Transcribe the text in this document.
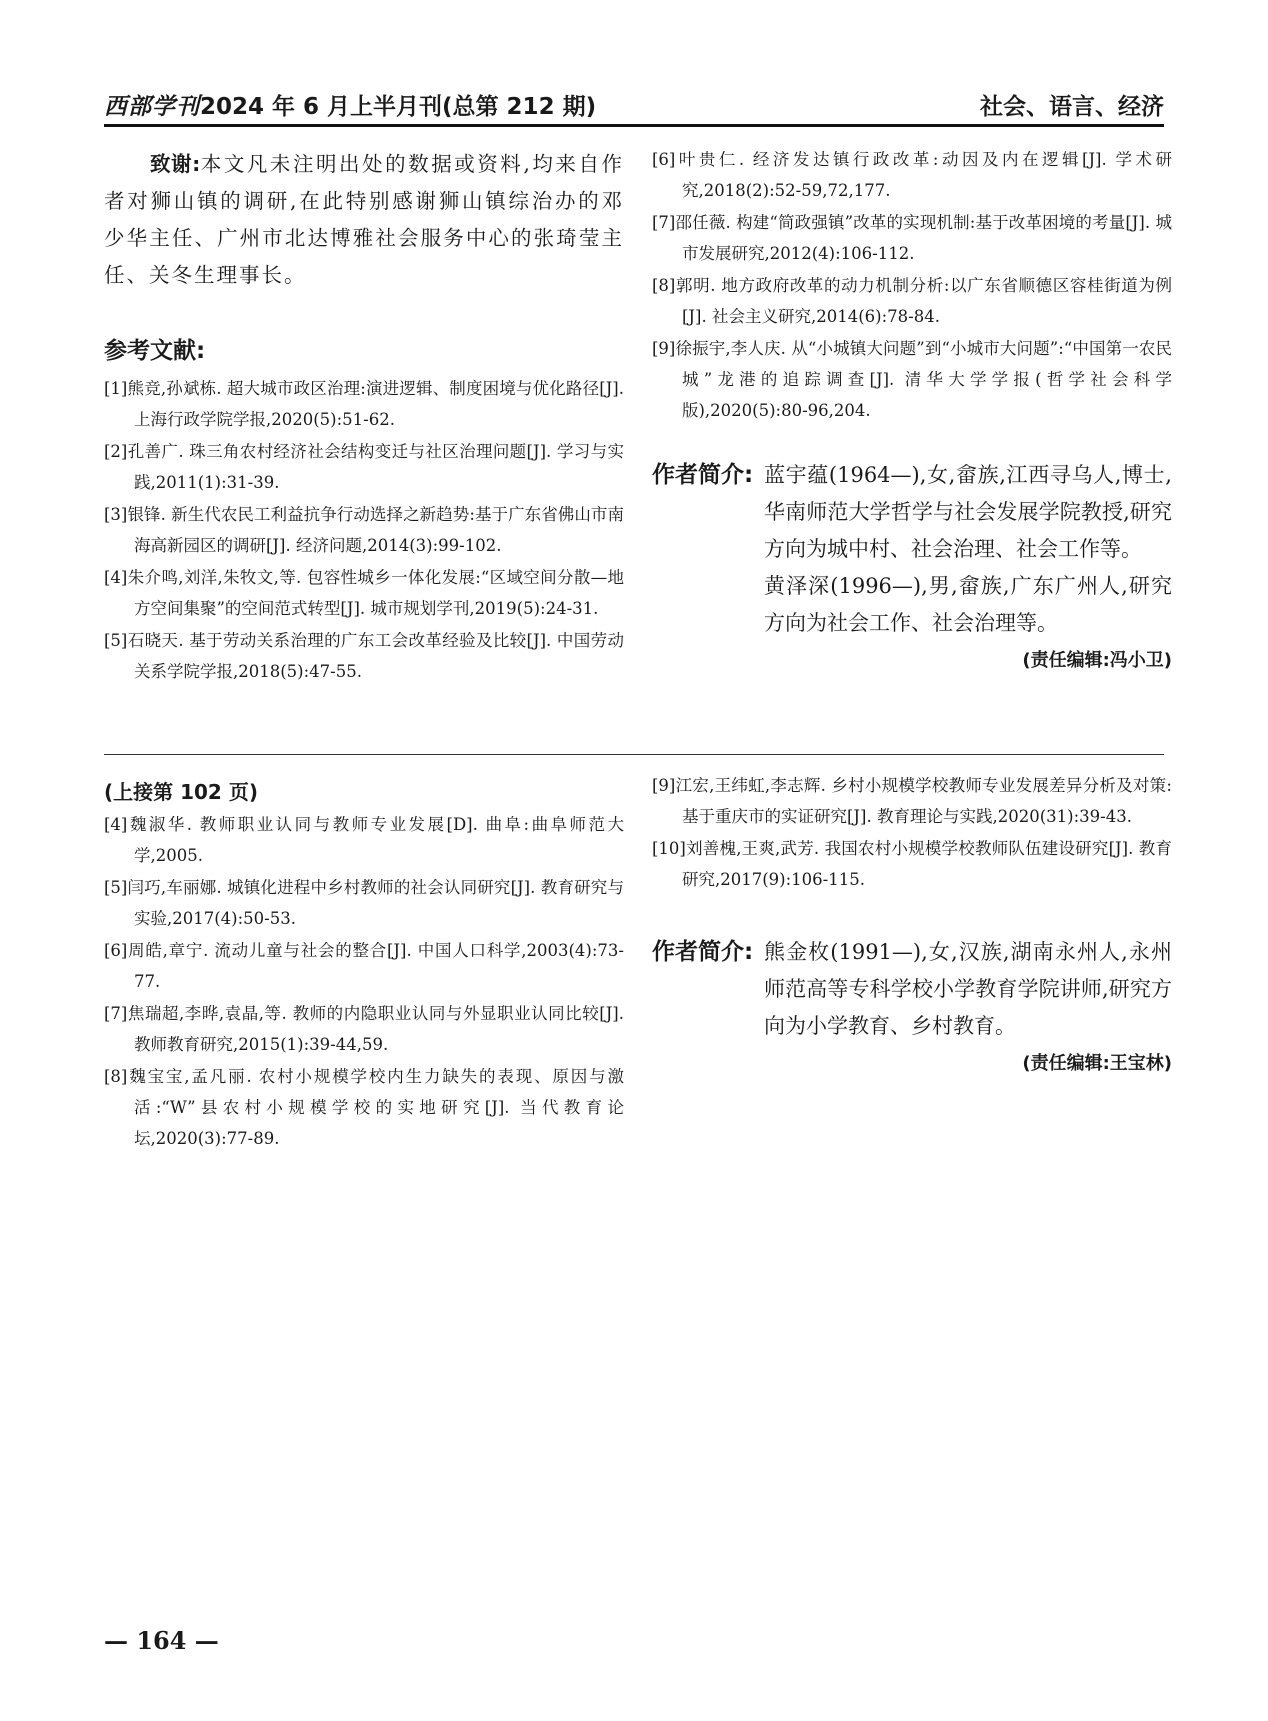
西部学刊2024 年 6 月上半月刊(总第 212 期)	社会、语言、经济

致谢:本文凡未注明出处的数据或资料,均来自作者对狮山镇的调研,在此特别感谢狮山镇综治办的邓少华主任、广州市北达博雅社会服务中心的张琦莹主任、关冬生理事长。

参考文献:

[1]熊竞,孙斌栋. 超大城市政区治理:演进逻辑、制度困境与优化路径[J]. 上海行政学院学报,2020(5):51-62.
[2]孔善广. 珠三角农村经济社会结构变迁与社区治理问题[J]. 学习与实践,2011(1):31-39.
[3]银锋. 新生代农民工利益抗争行动选择之新趋势:基于广东省佛山市南海高新园区的调研[J]. 经济问题,2014(3):99-102.
[4]朱介鸣,刘洋,朱牧文,等. 包容性城乡一体化发展:“区域空间分散—地方空间集聚”的空间范式转型[J]. 城市规划学刊,2019(5):24-31.
[5]石晓天. 基于劳动关系治理的广东工会改革经验及比较[J]. 中国劳动关系学院学报,2018(5):47-55.
[6]叶贵仁. 经济发达镇行政改革:动因及内在逻辑[J]. 学术研究,2018(2):52-59,72,177.
[7]邵任薇. 构建“简政强镇”改革的实现机制:基于改革困境的考量[J]. 城市发展研究,2012(4):106-112.
[8]郭明. 地方政府改革的动力机制分析:以广东省顺德区容桂街道为例[J]. 社会主义研究,2014(6):78-84.
[9]徐振宇,李人庆. 从“小城镇大问题”到“小城市大问题”:“中国第一农民城”龙港的追踪调查[J]. 清华大学学报(哲学社会科学版),2020(5):80-96,204.
作者简介: 蓝宇蕴(1964—),女,畲族,江西寻乌人,博士,华南师范大学哲学与社会发展学院教授,研究方向为城中村、社会治理、社会工作等。

黄泽深(1996—),男,畲族,广东广州人,研究方向为社会工作、社会治理等。

(责任编辑:冯小卫)

(上接第 102 页)

[4]魏淑华. 教师职业认同与教师专业发展[D]. 曲阜:曲阜师范大学,2005.
[5]闫巧,车丽娜. 城镇化进程中乡村教师的社会认同研究[J]. 教育研究与实验,2017(4):50-53.
[6]周皓,章宁. 流动儿童与社会的整合[J]. 中国人口科学,2003(4):73-77.
[7]焦瑞超,李晔,袁晶,等. 教师的内隐职业认同与外显职业认同比较[J]. 教师教育研究,2015(1):39-44,59.
[8]魏宝宝,孟凡丽. 农村小规模学校内生力缺失的表现、原因与激活:“W”县农村小规模学校的实地研究[J]. 当代教育论坛,2020(3):77-89.
[9]江宏,王纬虹,李志辉. 乡村小规模学校教师专业发展差异分析及对策:基于重庆市的实证研究[J]. 教育理论与实践,2020(31):39-43.
[10]刘善槐,王爽,武芳. 我国农村小规模学校教师队伍建设研究[J]. 教育研究,2017(9):106-115.
作者简介: 熊金枚(1991—),女,汉族,湖南永州人,永州师范高等专科学校小学教育学院讲师,研究方向为小学教育、乡村教育。

(责任编辑:王宝林)
— 164 —
